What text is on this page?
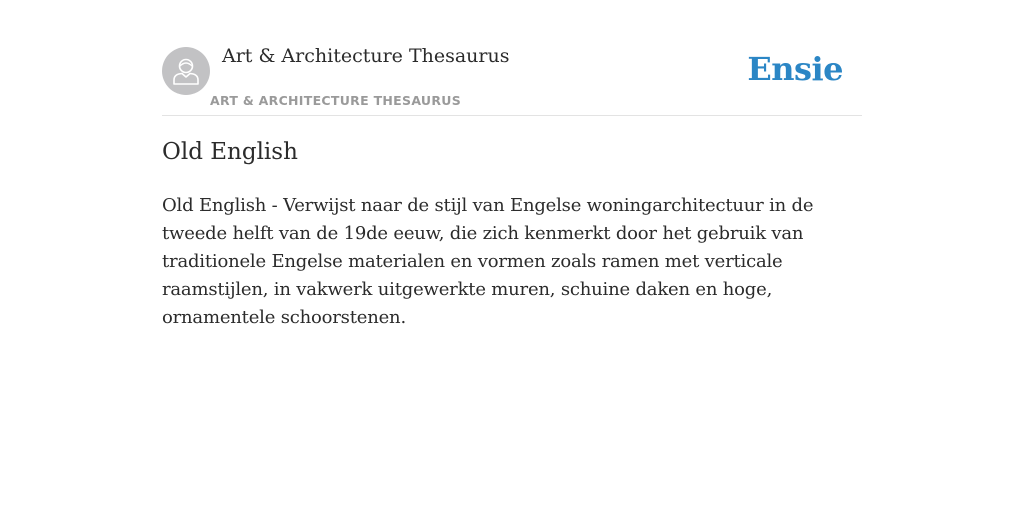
Art & Architecture Thesaurus
ART & ARCHITECTURE THESAURUS
Ensie
Old English

Old English - Verwijst naar de stijl van Engelse woningarchitectuur in de tweede helft van de 19de eeuw, die zich kenmerkt door het gebruik van traditionele Engelse materialen en vormen zoals ramen met verticale raamstijlen, in vakwerk uitgewerkte muren, schuine daken en hoge, ornamentele schoorstenen.
